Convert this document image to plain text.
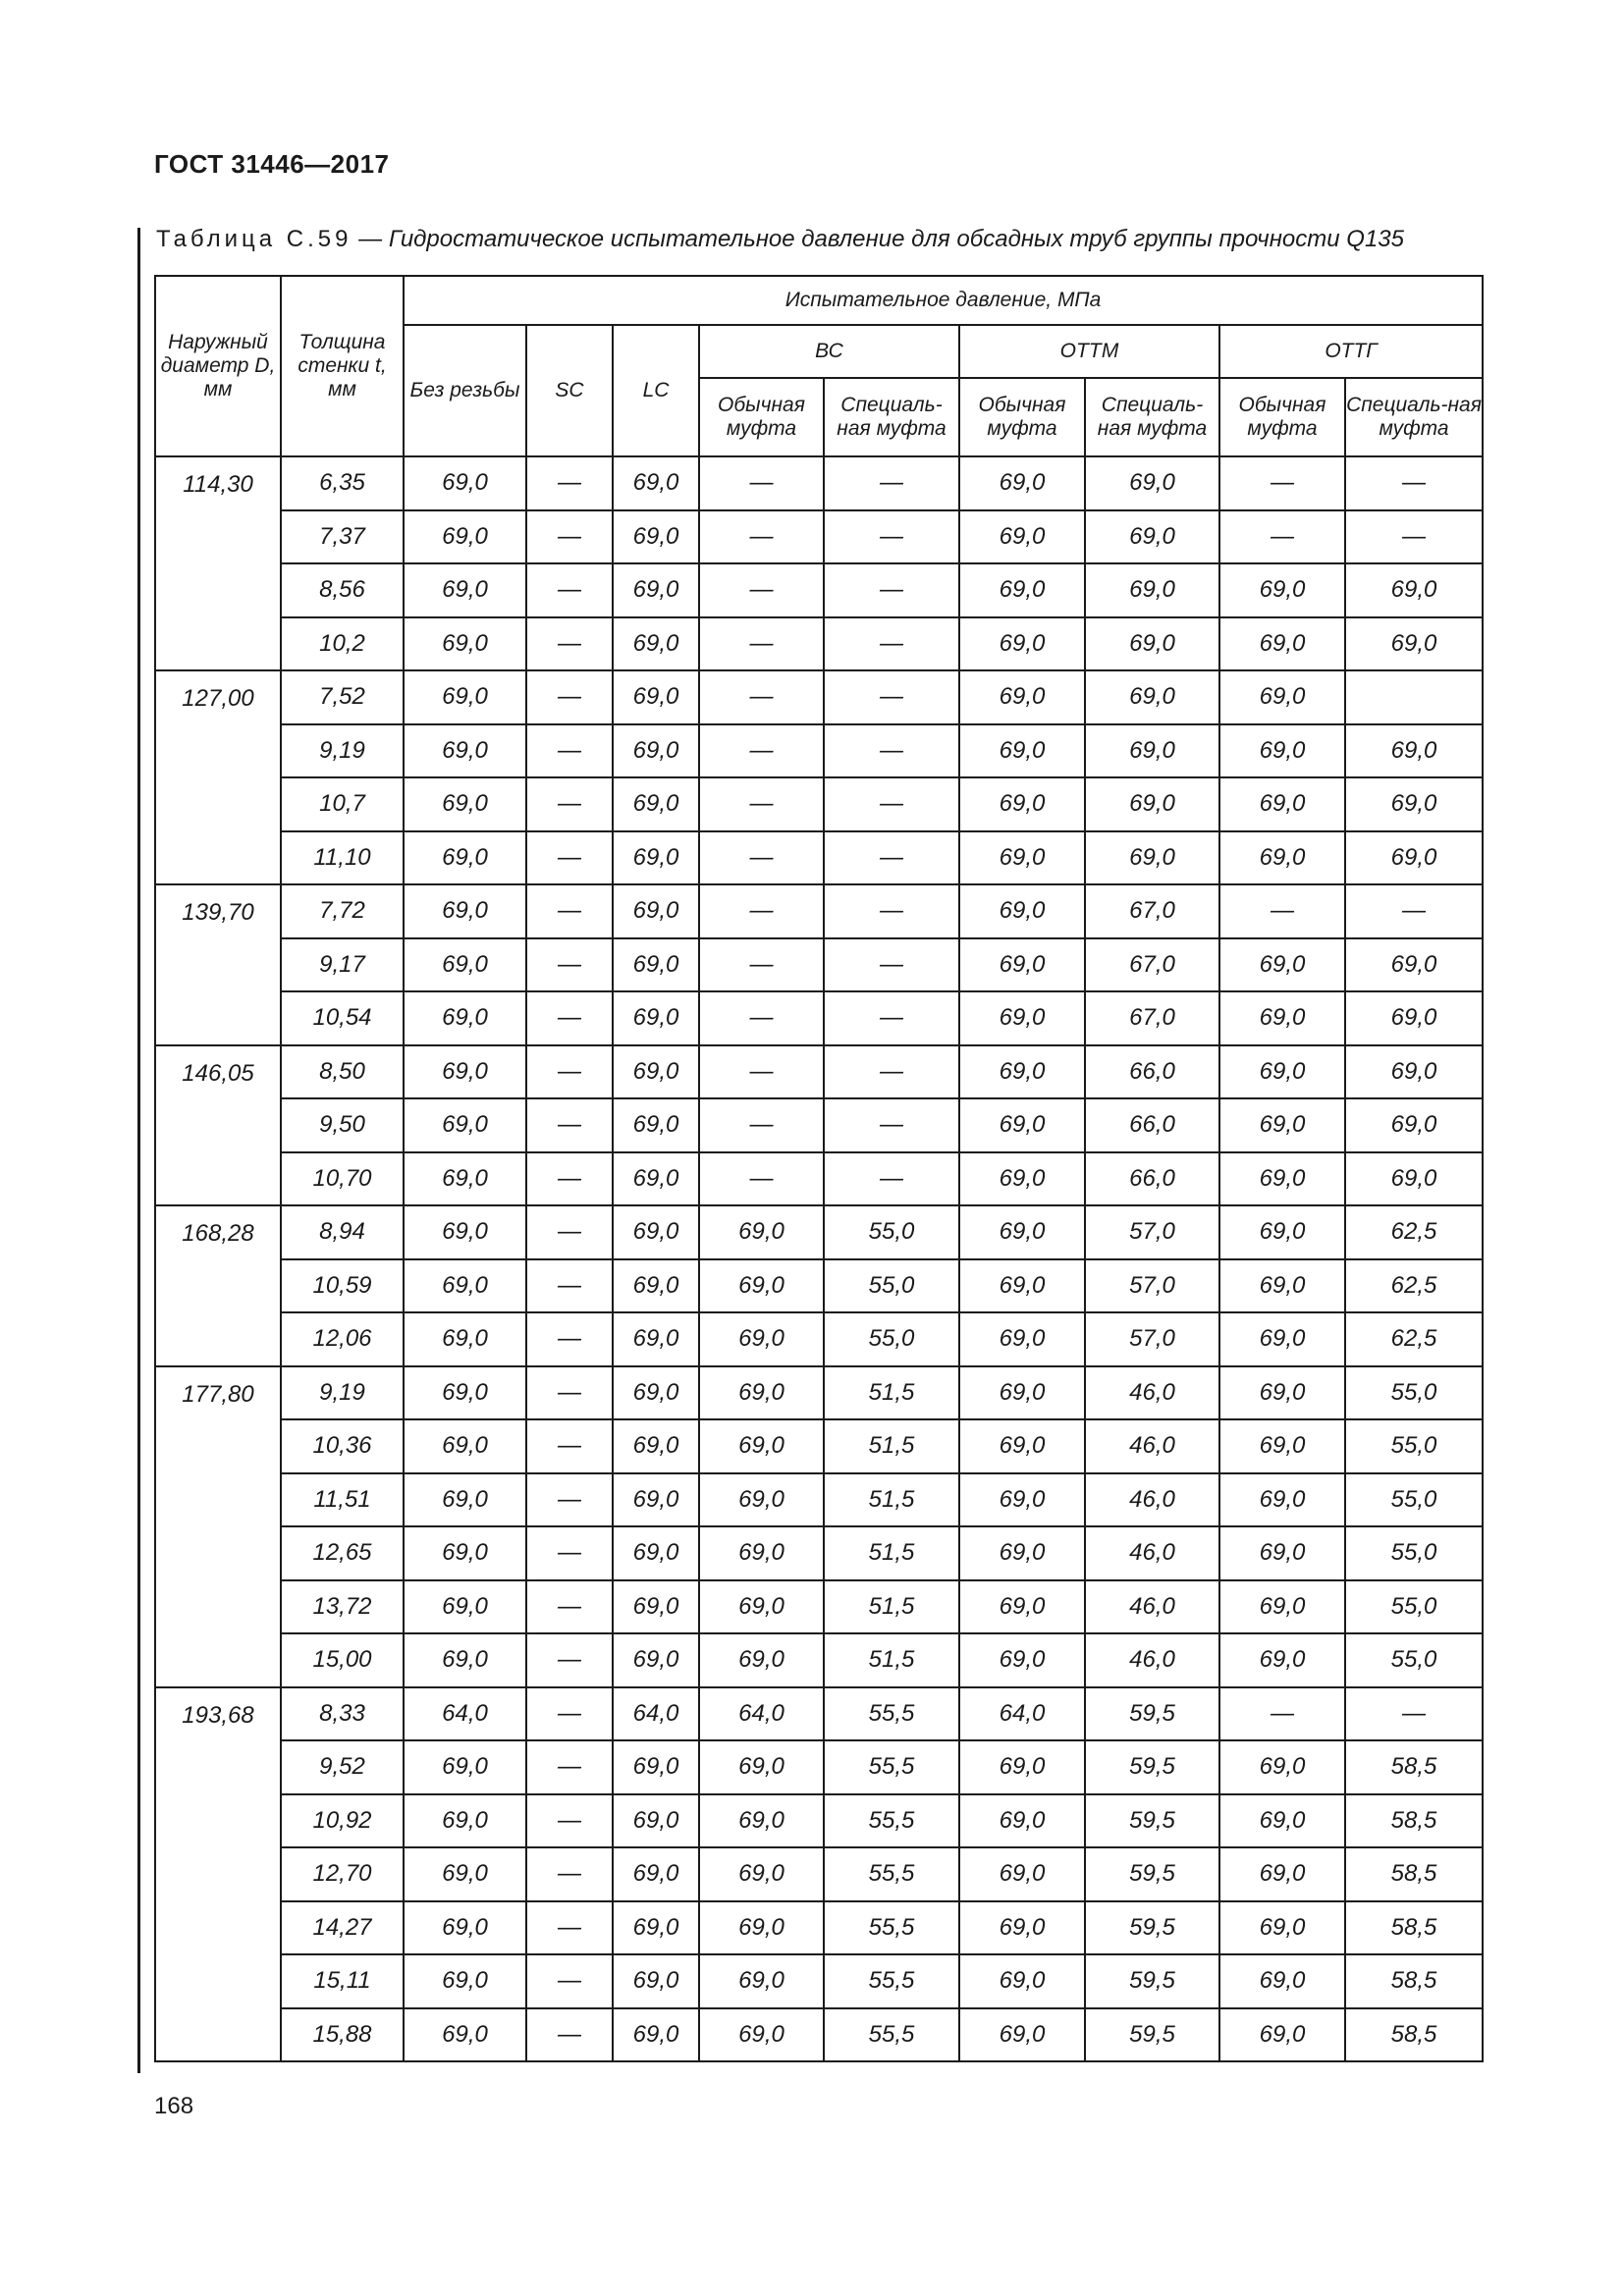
ГОСТ 31446—2017
Таблица С.59 — Гидростатическое испытательное давление для обсадных труб группы прочности Q135
Наружный диаметр D, мм	Толщина стенки t, мм	Испытательное давление, МПа								
		Без резьбы	SC	LC	ВС		ОТТМ		ОТТГ	
					Обычная муфта	Специаль-ная муфта	Обычная муфта	Специаль-ная муфта	Обычная муфта	Специаль-ная муфта
114,30	6,35	69,0	—	69,0	—	—	69,0	69,0	—	—
	7,37	69,0	—	69,0	—	—	69,0	69,0	—	—
	8,56	69,0	—	69,0	—	—	69,0	69,0	69,0	69,0
	10,2	69,0	—	69,0	—	—	69,0	69,0	69,0	69,0
127,00	7,52	69,0	—	69,0	—	—	69,0	69,0	69,0	
	9,19	69,0	—	69,0	—	—	69,0	69,0	69,0	69,0
	10,7	69,0	—	69,0	—	—	69,0	69,0	69,0	69,0
	11,10	69,0	—	69,0	—	—	69,0	69,0	69,0	69,0
139,70	7,72	69,0	—	69,0	—	—	69,0	67,0	—	—
	9,17	69,0	—	69,0	—	—	69,0	67,0	69,0	69,0
	10,54	69,0	—	69,0	—	—	69,0	67,0	69,0	69,0
146,05	8,50	69,0	—	69,0	—	—	69,0	66,0	69,0	69,0
	9,50	69,0	—	69,0	—	—	69,0	66,0	69,0	69,0
	10,70	69,0	—	69,0	—	—	69,0	66,0	69,0	69,0
168,28	8,94	69,0	—	69,0	69,0	55,0	69,0	57,0	69,0	62,5
	10,59	69,0	—	69,0	69,0	55,0	69,0	57,0	69,0	62,5
	12,06	69,0	—	69,0	69,0	55,0	69,0	57,0	69,0	62,5
177,80	9,19	69,0	—	69,0	69,0	51,5	69,0	46,0	69,0	55,0
	10,36	69,0	—	69,0	69,0	51,5	69,0	46,0	69,0	55,0
	11,51	69,0	—	69,0	69,0	51,5	69,0	46,0	69,0	55,0
	12,65	69,0	—	69,0	69,0	51,5	69,0	46,0	69,0	55,0
	13,72	69,0	—	69,0	69,0	51,5	69,0	46,0	69,0	55,0
	15,00	69,0	—	69,0	69,0	51,5	69,0	46,0	69,0	55,0
193,68	8,33	64,0	—	64,0	64,0	55,5	64,0	59,5	—	—
	9,52	69,0	—	69,0	69,0	55,5	69,0	59,5	69,0	58,5
	10,92	69,0	—	69,0	69,0	55,5	69,0	59,5	69,0	58,5
	12,70	69,0	—	69,0	69,0	55,5	69,0	59,5	69,0	58,5
	14,27	69,0	—	69,0	69,0	55,5	69,0	59,5	69,0	58,5
	15,11	69,0	—	69,0	69,0	55,5	69,0	59,5	69,0	58,5
	15,88	69,0	—	69,0	69,0	55,5	69,0	59,5	69,0	58,5
168
